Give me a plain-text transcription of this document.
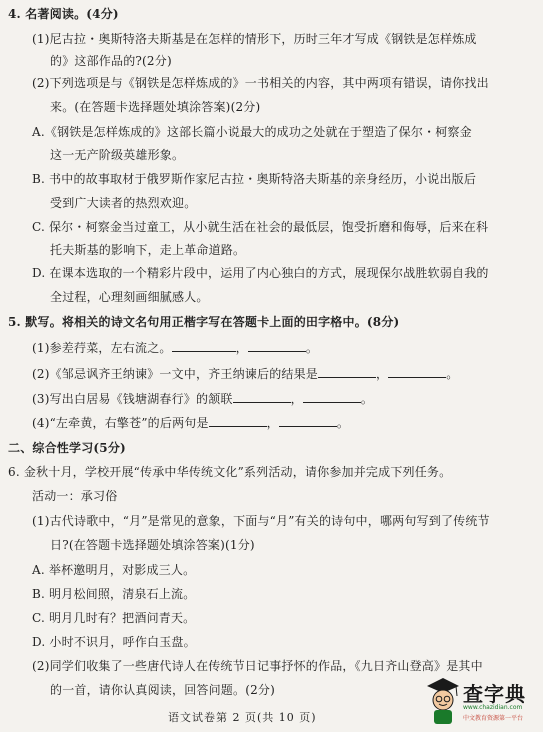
4. 名著阅读。(4分)
(1)尼古拉・奥斯特洛夫斯基是在怎样的情形下，历时三年才写成《钢铁是怎样炼成
的》这部作品的?(2分)
(2)下列选项是与《钢铁是怎样炼成的》一书相关的内容，其中两项有错误，请你找出
来。(在答题卡选择题处填涂答案)(2分)
A.《钢铁是怎样炼成的》这部长篇小说最大的成功之处就在于塑造了保尔・柯察金
这一无产阶级英雄形象。
B. 书中的故事取材于俄罗斯作家尼古拉・奥斯特洛夫斯基的亲身经历，小说出版后
受到广大读者的热烈欢迎。
C. 保尔・柯察金当过童工，从小就生活在社会的最低层，饱受折磨和侮辱，后来在科
托夫斯基的影响下，走上革命道路。
D. 在课本选取的一个精彩片段中，运用了内心独白的方式，展现保尔战胜软弱自我的
全过程，心理刻画细腻感人。
5. 默写。将相关的诗文名句用正楷字写在答题卡上面的田字格中。(8分)
(1)参差荇菜，左右流之。	，	。
(2)《邹忌讽齐王纳谏》一文中，齐王纳谏后的结果是	，	。
(3)写出白居易《钱塘湖春行》的颔联	，	。
(4)“左牵黄，右擎苍”的后两句是	，	。
二、综合性学习(5分)
6. 金秋十月，学校开展“传承中华传统文化”系列活动，请你参加并完成下列任务。
活动一：承习俗
(1)古代诗歌中，“月”是常见的意象，下面与“月”有关的诗句中，哪两句写到了传统节
日?(在答题卡选择题处填涂答案)(1分)
A. 举杯邀明月，对影成三人。
B. 明月松间照，清泉石上流。
C. 明月几时有？把酒问青天。
D. 小时不识月，呼作白玉盘。
(2)同学们收集了一些唐代诗人在传统节日记事抒怀的作品，《九日齐山登高》是其中
的一首，请你认真阅读，回答问题。(2分)
语文试卷第 2 页(共 10 页)
查字典
www.chazidian.com
中文教育资源第一平台
